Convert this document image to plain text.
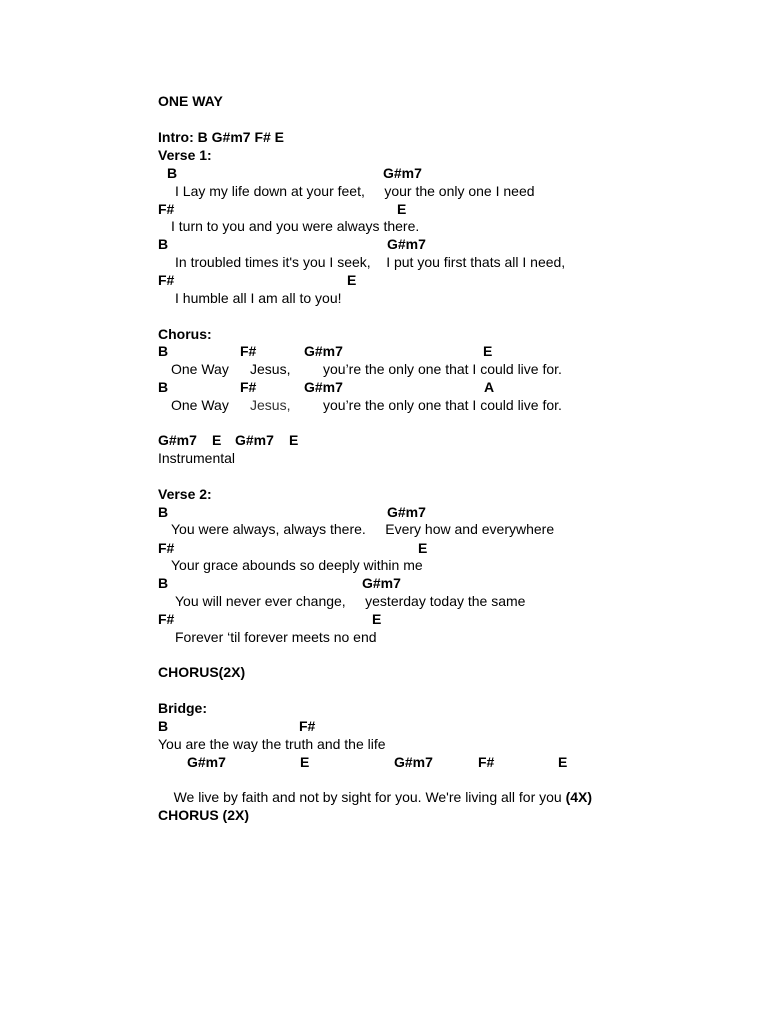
ONE WAY
Intro: B G#m7 F# E
Verse 1:
B	G#m7
I Lay my life down at your feet,     your the only one I need
F#	E
I turn to you and you were always there.
B	G#m7
In troubled times it's you I seek,    I put you first thats all I need,
F#	E
I humble all I am all to you!
Chorus:
B	F#	G#m7	E
One Way Jesus, you’re the only one that I could live for.
B	F#	G#m7	A
One Way Jesus, you’re the only one that I could live for.
G#m7 E G#m7 E
Instrumental
Verse 2:
B	G#m7
You were always, always there.     Every how and everywhere
F#	E
Your grace abounds so deeply within me
B	G#m7
You will never ever change,     yesterday today the same
F#	E
Forever ‘til forever meets no end
CHORUS(2X)
Bridge:
B	F#
You are the way the truth and the life
G#m7	E	G#m7	F#	E

We live by faith and not by sight for you. We're living all for you (4X)

CHORUS (2X)
